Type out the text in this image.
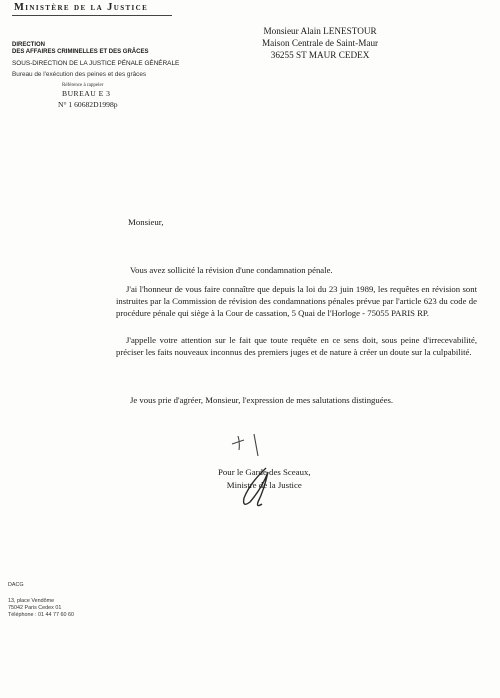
Ministère de la Justice
DIRECTION
DES AFFAIRES CRIMINELLES ET DES GRÂCES
SOUS-DIRECTION DE LA JUSTICE PÉNALE GÉNÉRALE
Bureau de l'exécution des peines et des grâces
Référence à rappeler
BUREAU E 3
N° 1 60682D1998p
Monsieur Alain LENESTOUR
Maison Centrale de Saint-Maur
36255 ST MAUR CEDEX
Monsieur,
Vous avez sollicité la révision d'une condamnation pénale.
J'ai l'honneur de vous faire connaître que depuis la loi du 23 juin 1989, les requêtes en révision sont instruites par la Commission de révision des condamnations pénales prévue par l'article 623 du code de procédure pénale qui siège à la Cour de cassation, 5 Quai de l'Horloge - 75055 PARIS RP.
J'appelle votre attention sur le fait que toute requête en ce sens doit, sous peine d'irrecevabilité, préciser les faits nouveaux inconnus des premiers juges et de nature à créer un doute sur la culpabilité.
Je vous prie d'agréer, Monsieur, l'expression de mes salutations distinguées.
Pour le Garde des Sceaux,
Ministre de la Justice
DACG
13, place Vendôme
75042 Paris Cedex 01
Téléphone : 01 44 77 60 60
